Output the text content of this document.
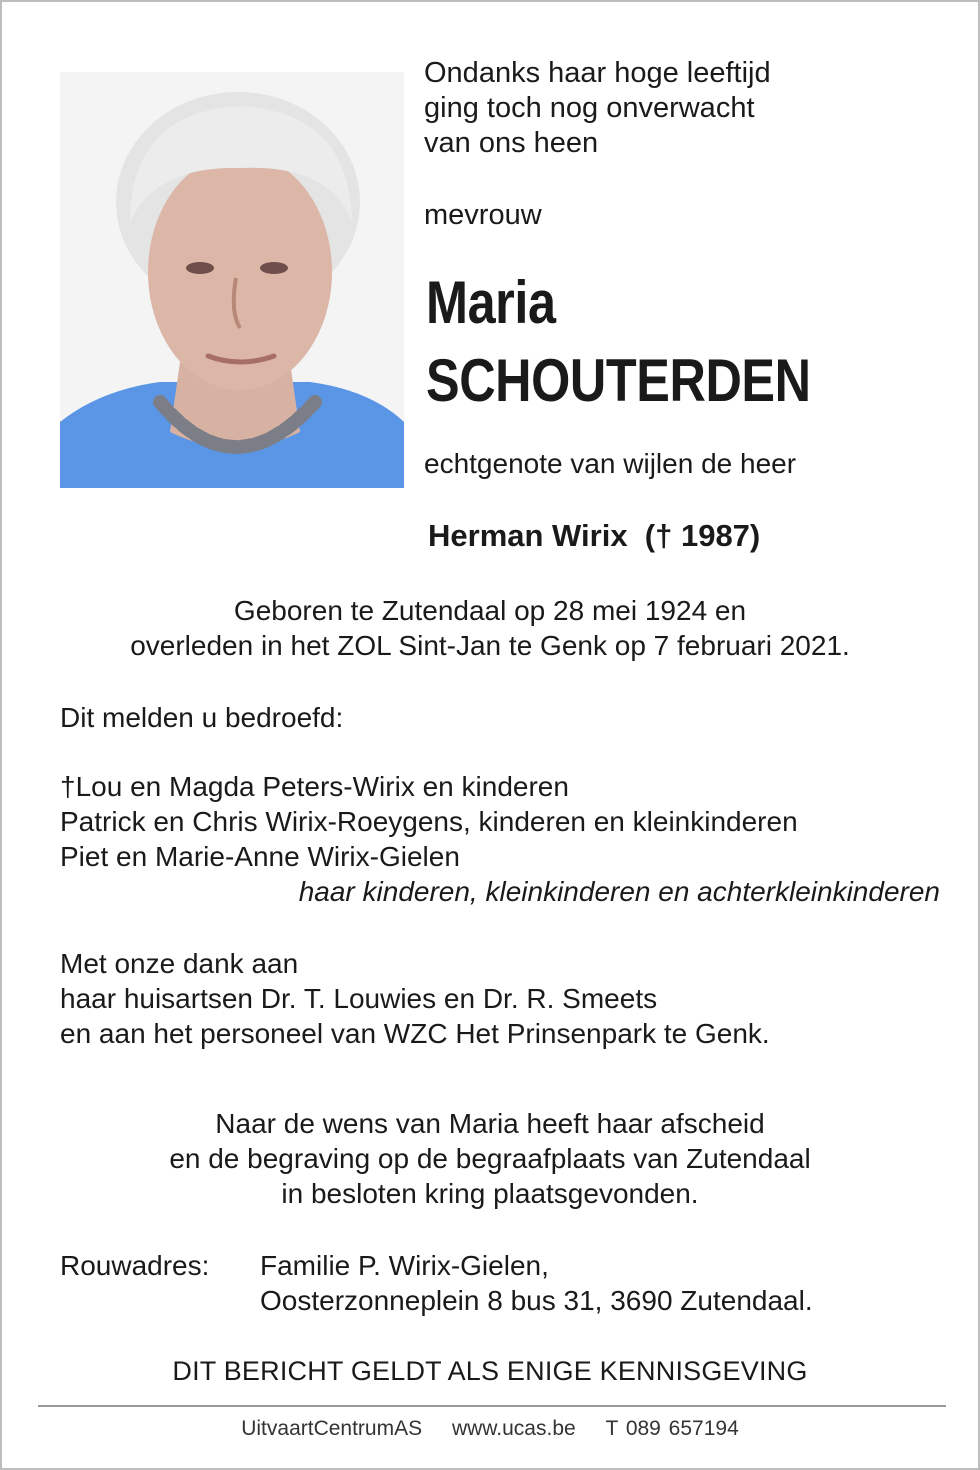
Ondanks haar hoge leeftijd

ging toch nog onverwacht

van ons heen

mevrouw
Maria
SCHOUTERDEN
echtgenote van wijlen de heer
Herman Wirix  († 1987)

Geboren te Zutendaal op 28 mei 1924 en

overleden in het ZOL Sint-Jan te Genk op 7 februari 2021.

Dit melden u bedroefd:

†Lou en Magda Peters-Wirix en kinderen

Patrick en Chris Wirix-Roeygens, kinderen en kleinkinderen

Piet en Marie-Anne Wirix-Gielen

haar kinderen, kleinkinderen en achterkleinkinderen

Met onze dank aan

haar huisartsen Dr. T. Louwies en Dr. R. Smeets

en aan het personeel van WZC Het Prinsenpark te Genk.

Naar de wens van Maria heeft haar afscheid

en de begraving op de begraafplaats van Zutendaal

in besloten kring plaatsgevonden.

Rouwadres: Familie P. Wirix-Gielen,

Oosterzonneplein 8 bus 31, 3690 Zutendaal.

DIT BERICHT GELDT ALS ENIGE KENNISGEVING
UitvaartCentrumAS www.ucas.be T 089 657194
